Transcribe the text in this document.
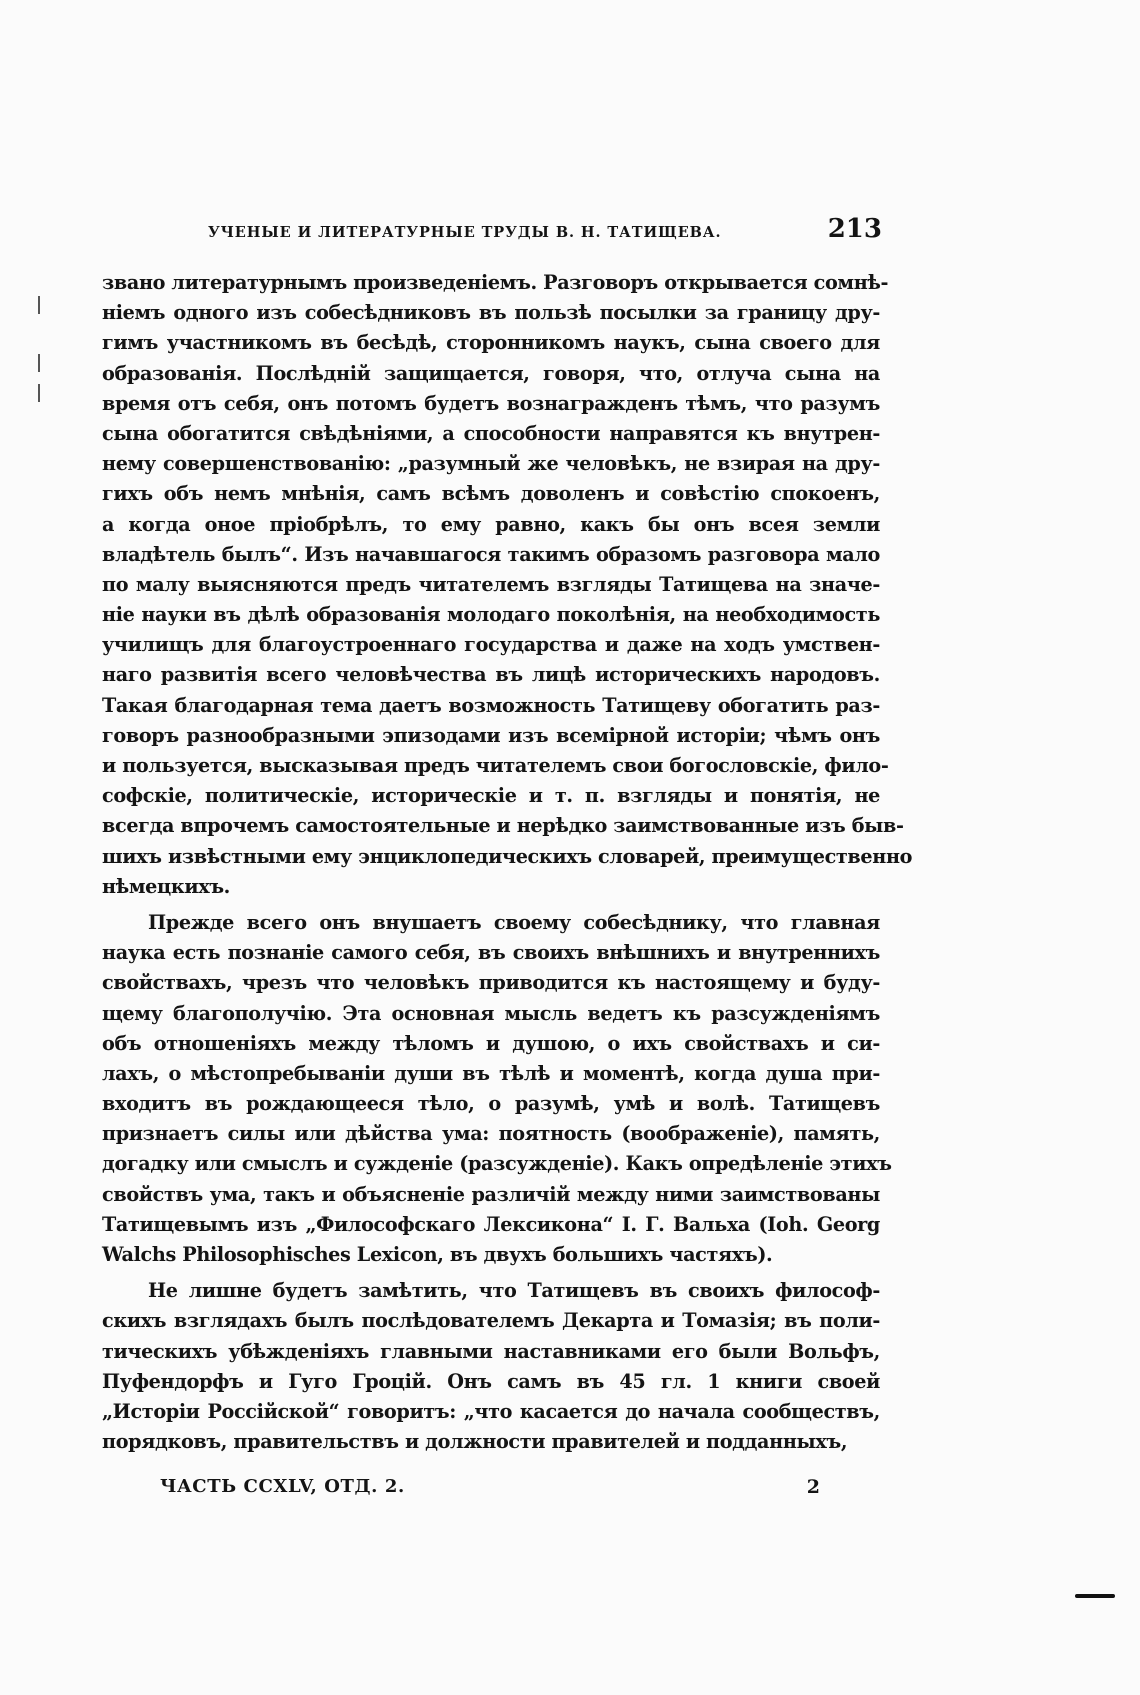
УЧЕНЫЕ И ЛИТЕРАТУРНЫЕ ТРУДЫ В. Н. ТАТИЩЕВА.	213
звано литературнымъ произведеніемъ. Разговоръ открывается сомнѣ-
ніемъ одного изъ собесѣдниковъ въ пользѣ посылки за границу дру-
гимъ участникомъ въ бесѣдѣ, сторонникомъ наукъ, сына своего для
образованія. Послѣдній защищается, говоря, что, отлуча сына на
время отъ себя, онъ потомъ будетъ вознагражденъ тѣмъ, что разумъ
сына обогатится свѣдѣніями, а способности направятся къ внутрен-
нему совершенствованію: „разумный же человѣкъ, не взирая на дру-
гихъ объ немъ мнѣнія, самъ всѣмъ доволенъ и совѣстію спокоенъ,
а когда оное пріобрѣлъ, то ему равно, какъ бы онъ всея земли
владѣтель былъ“. Изъ начавшагося такимъ образомъ разговора мало
по малу выясняются предъ читателемъ взгляды Татищева на значе-
ніе науки въ дѣлѣ образованія молодаго поколѣнія, на необходимость
училищъ для благоустроеннаго государства и даже на ходъ умствен-
наго развитія всего человѣчества въ лицѣ историческихъ народовъ.
Такая благодарная тема даетъ возможность Татищеву обогатить раз-
говоръ разнообразными эпизодами изъ всемірной исторіи; чѣмъ онъ
и пользуется, высказывая предъ читателемъ свои богословскіе, фило-
софскіе, политическіе, историческіе и т. п. взгляды и понятія, не
всегда впрочемъ самостоятельные и нерѣдко заимствованные изъ быв-
шихъ извѣстными ему энциклопедическихъ словарей, преимущественно
нѣмецкихъ.
Прежде всего онъ внушаетъ своему собесѣднику, что главная
наука есть познаніе самого себя, въ своихъ внѣшнихъ и внутреннихъ
свойствахъ, чрезъ что человѣкъ приводится къ настоящему и буду-
щему благополучію. Эта основная мысль ведетъ къ разсужденіямъ
объ отношеніяхъ между тѣломъ и душою, о ихъ свойствахъ и си-
лахъ, о мѣстопребываніи души въ тѣлѣ и моментѣ, когда душа при-
входитъ въ рождающееся тѣло, о разумѣ, умѣ и волѣ. Татищевъ
признаетъ силы или дѣйства ума: поятность (воображеніе), память,
догадку или смыслъ и сужденіе (разсужденіе). Какъ опредѣленіе этихъ
свойствъ ума, такъ и объясненіе различій между ними заимствованы
Татищевымъ изъ „Философскаго Лексикона“ І. Г. Вальха (Ioh. Georg
Walchs Philosophisches Lexicon, въ двухъ большихъ частяхъ).
Не лишне будетъ замѣтить, что Татищевъ въ своихъ философ-
скихъ взглядахъ былъ послѣдователемъ Декарта и Томазія; въ поли-
тическихъ убѣжденіяхъ главными наставниками его были Вольфъ,
Пуфендорфъ и Гуго Гроцій. Онъ самъ въ 45 гл. 1 книги своей
„Исторіи Россійской“ говоритъ: „что касается до начала сообществъ,
порядковъ, правительствъ и должности правителей и подданныхъ,
ЧАСТЬ CCXLV, ОТД. 2.	2
